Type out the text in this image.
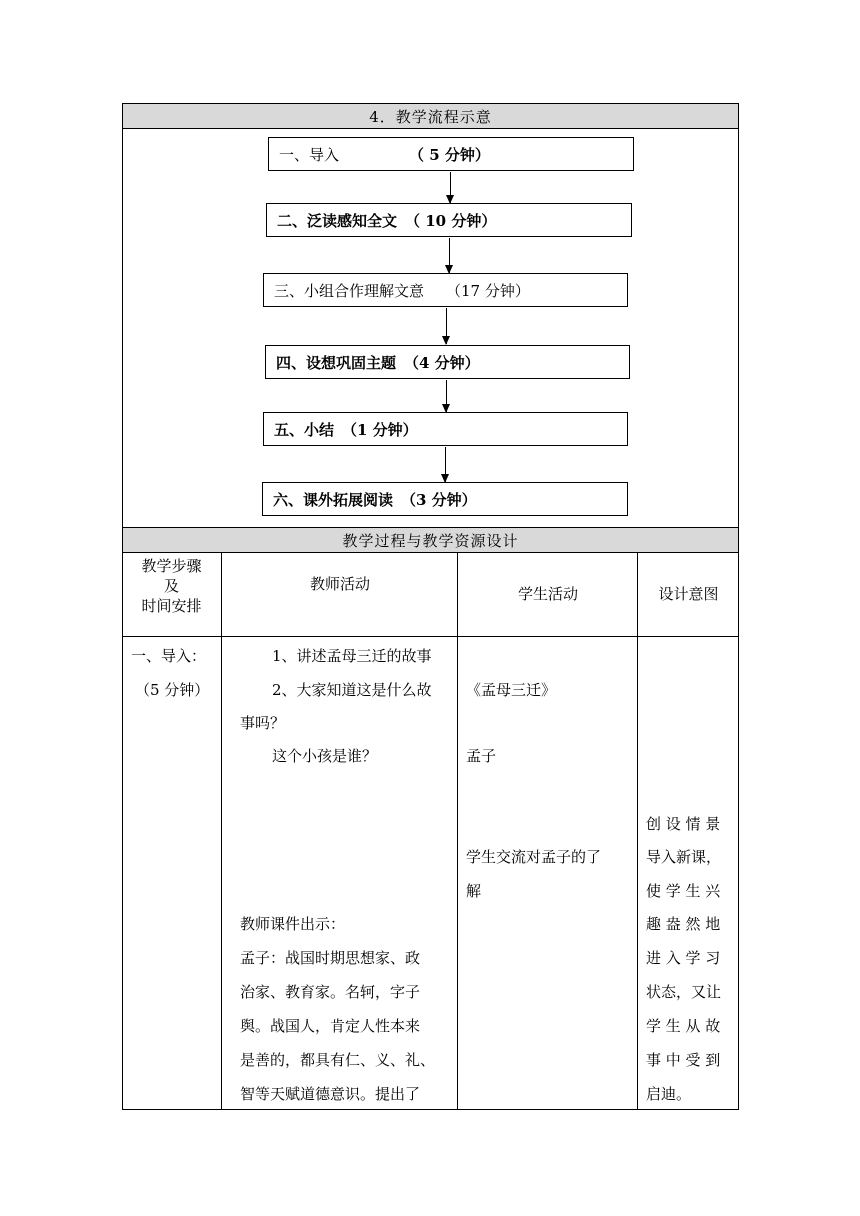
4．教学流程示意
一、导入	（ 5 分钟）
二、泛读感知全文 （ 10 分钟）
三、小组合作理解文意 （17 分钟）
四、设想巩固主题 （4 分钟）
五、小结 （1 分钟）
六、课外拓展阅读 （3 分钟）
教学过程与教学资源设计
教学步骤
及
时间安排
教师活动
学生活动	设计意图
一、导入：
（5 分钟）
1、讲述孟母三迁的故事
2、大家知道这是什么故
事吗？
这个小孩是谁？
教师课件出示：
孟子：战国时期思想家、政
治家、教育家。名轲，字子
舆。战国人，肯定人性本来
是善的，都具有仁、义、礼、
智等天赋道德意识。提出了
《孟母三迁》
孟子
学生交流对孟子的了
解
创 设 情 景
导入新课，
使 学 生 兴
趣 盎 然 地
进 入 学 习
状态，又让
学 生 从 故
事 中 受 到
启迪。
